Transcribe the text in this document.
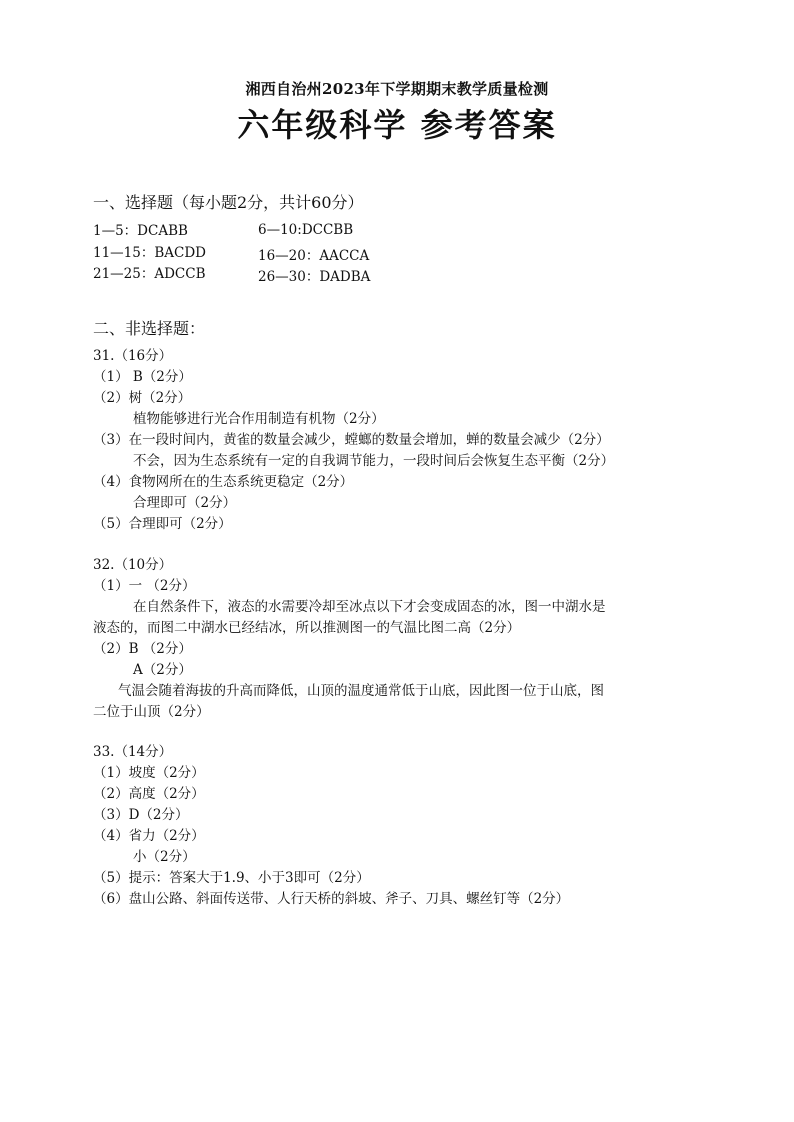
湘西自治州2023年下学期期末教学质量检测
六年级科学 参考答案
一、选择题（每小题2分，共计60分）
1—5：DCABB	6—10:DCCBB
11—15：BACDD	16—20：AACCA
21—25：ADCCB	26—30：DADBA
二、非选择题：
31.（16分）
（1） B（2分）
（2）树（2分）
植物能够进行光合作用制造有机物（2分）
（3）在一段时间内，黄雀的数量会减少，螳螂的数量会增加，蝉的数量会减少（2分）
不会，因为生态系统有一定的自我调节能力，一段时间后会恢复生态平衡（2分）
（4）食物网所在的生态系统更稳定（2分）
合理即可（2分）
（5）合理即可（2分）
32.（10分）
（1）一 （2分）
在自然条件下，液态的水需要冷却至冰点以下才会变成固态的冰，图一中湖水是
液态的，而图二中湖水已经结冰，所以推测图一的气温比图二高（2分）
（2）B （2分）
A（2分）
气温会随着海拔的升高而降低，山顶的温度通常低于山底，因此图一位于山底，图
二位于山顶（2分）
33.（14分）
（1）坡度（2分）
（2）高度（2分）
（3）D（2分）
（4）省力（2分）
小（2分）
（5）提示：答案大于1.9、小于3即可（2分）
（6）盘山公路、斜面传送带、人行天桥的斜坡、斧子、刀具、螺丝钉等（2分）
